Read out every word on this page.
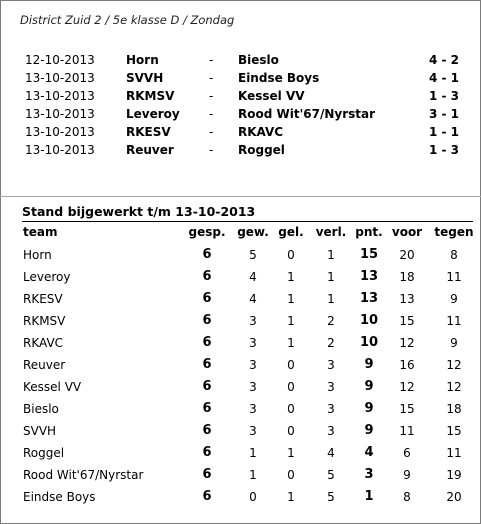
District Zuid 2 / 5e klasse D / Zondag
12-10-2013	Horn	- Bieslo	4 - 2
13-10-2013	SVVH	- Eindse Boys	4 - 1
13-10-2013	RKMSV	- Kessel VV	1 - 3
13-10-2013	Leveroy - Rood Wit'67/Nyrstar	3 - 1
13-10-2013	RKESV	- RKAVC	1 - 1
13-10-2013	Reuver	- Roggel	1 - 3
Stand bijgewerkt t/m 13-10-2013
team	gesp. gew. gel.	verl. pnt. voor	tegen
Horn	6	5	0	1	15	20	8
Leveroy	6	4	1	1	13	18	11
RKESV	6	4	1	1	13	13	9
RKMSV	6	3	1	2	10	15	11
RKAVC	6	3	1	2	10	12	9
Reuver	6	3	0	3	9	16	12
Kessel VV	6	3	0	3	9	12	12
Bieslo	6	3	0	3	9	15	18
SVVH	6	3	0	3	9	11	15
Roggel	6	1	1	4	4	6	11
Rood Wit'67/Nyrstar	6	1	0	5	3	9	19
Eindse Boys	6	0	1	5	1	8	20
